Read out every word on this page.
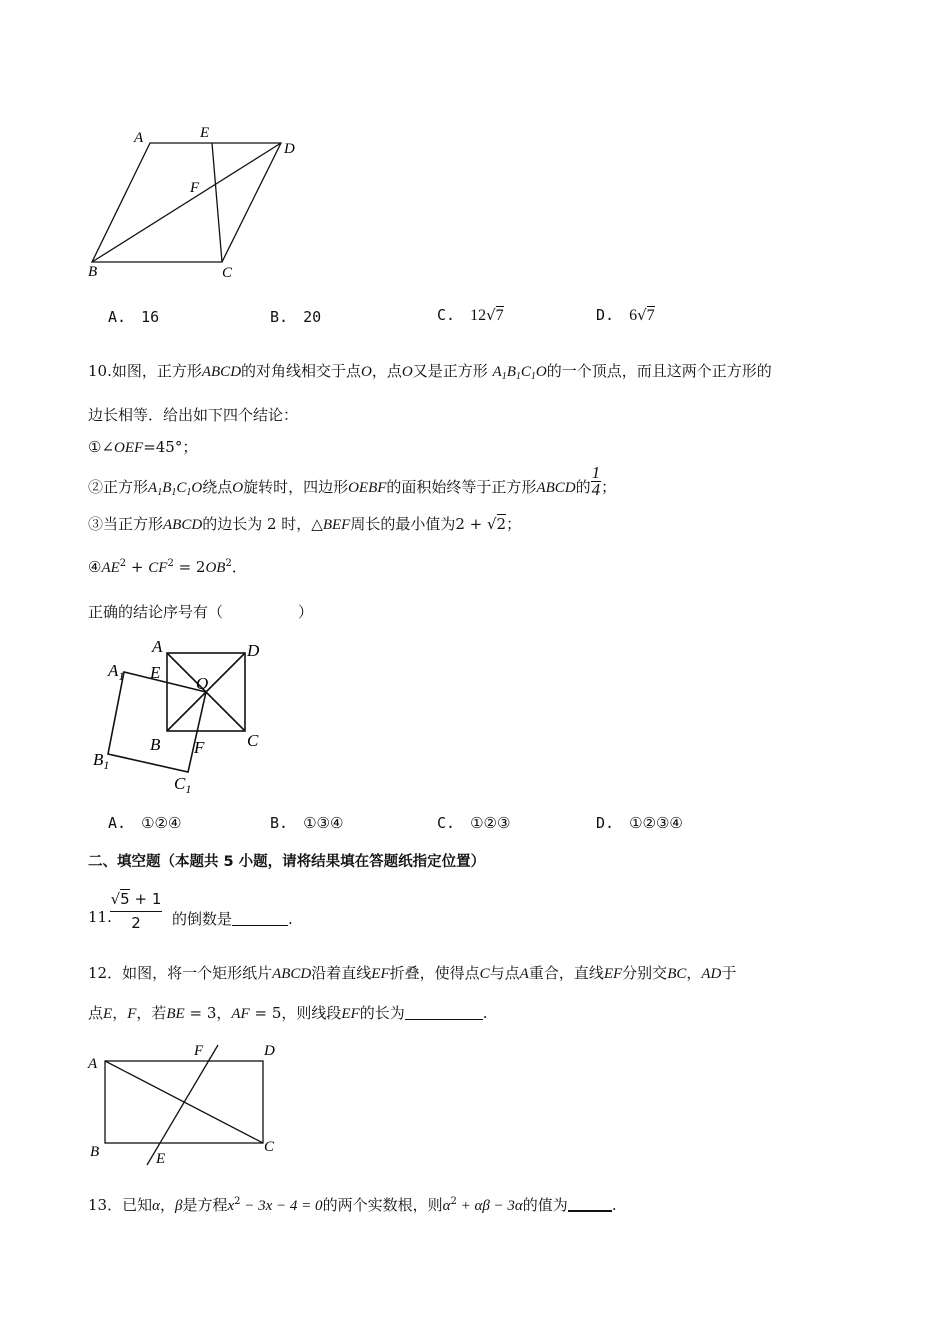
A	E
D
F
B	C
A. 16	B. 20	C. 12√7	D. 6√7
10.如图，正方形ABCD的对角线相交于点O，点O又是正方形 $A_1B_1C_1O$的一个顶点，而且这两个正方形的
边长相等．给出如下四个结论：
①∠OEF=45°；
②正方形$A_1B_1C_1O$绕点O旋转时，四边形OEBF的面积始终等于正方形ABCD的 $\frac{1}{4}$ ；
③当正方形ABCD的边长为 2 时，△BEF周长的最小值为2 + √2；
$④AE^2 + CF^2 = 2OB^2$．
正确的结论序号有（　　　　　）
A	D
$A_1$ E
O
B F	C
$B_1$
$C_1$
A. ①②④	B. ①③④	C. ①②③	D. ①②③④
二、填空题（本题共 5 小题，请将结果填在答题纸指定位置）
11.
√5 + 1
2	的倒数是	.
12．如图，将一个矩形纸片ABCD沿着直线EF折叠，使得点C与点A重合，直线EF分别交BC，AD于
点E，F，若BE = 3，AF = 5，则线段EF的长为	.
A
F	D
B	E
C
13．已知α，β是方程$x^2 - 3x - 4 = 0$的两个实数根，则$\alpha^2 + \alpha\beta - 3\alpha$的值为	.
